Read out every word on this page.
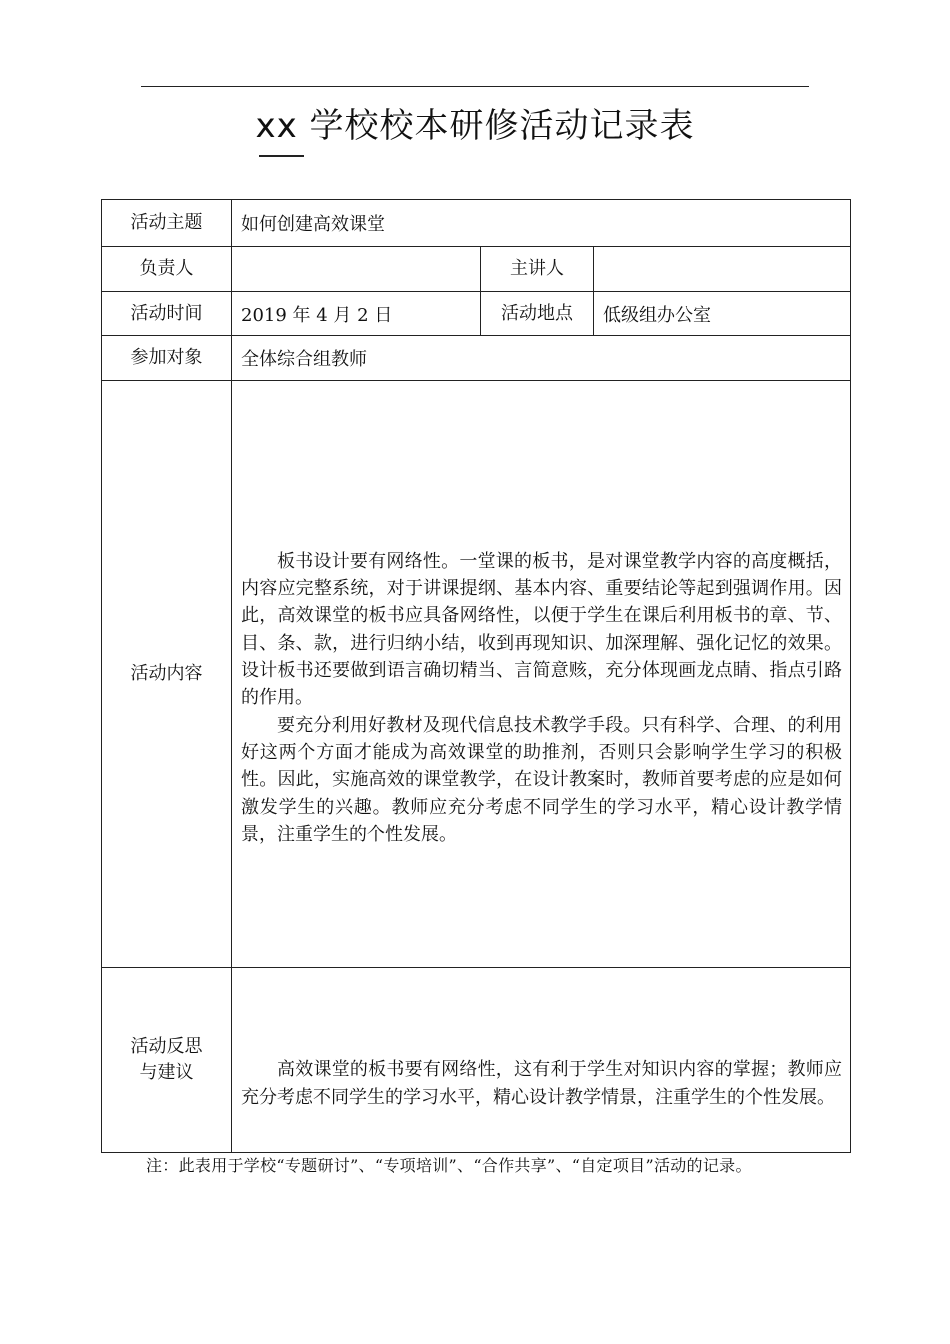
xx 学校校本研修活动记录表
活动主题	如何创建高效课堂		
负责人		主讲人	
活动时间	2019 年 4 月 2 日	活动地点	低级组办公室
参加对象	全体综合组教师		
活动内容	板书设计要有网络性。一堂课的板书，是对课堂教学内容的高度概括，内容应完整系统，对于讲课提纲、基本内容、重要结论等起到强调作用。因此，高效课堂的板书应具备网络性，以便于学生在课后利用板书的章、节、目、条、款，进行归纳小结，收到再现知识、加深理解、强化记忆的效果。设计板书还要做到语言确切精当、言简意赅，充分体现画龙点睛、指点引路的作用。

要充分利用好教材及现代信息技术教学手段。只有科学、合理、的利用好这两个方面才能成为高效课堂的助推剂，否则只会影响学生学习的积极性。因此，实施高效的课堂教学，在设计教案时，教师首要考虑的应是如何激发学生的兴趣。教师应充分考虑不同学生的学习水平，精心设计教学情景，注重学生的个性发展。		

活动反思
与建议	高效课堂的板书要有网络性，这有利于学生对知识内容的掌握；教师应充分考虑不同学生的学习水平，精心设计教学情景，注重学生的个性发展。		

注：此表用于学校“专题研讨”、“专项培训”、“合作共享”、“自定项目”活动的记录。
